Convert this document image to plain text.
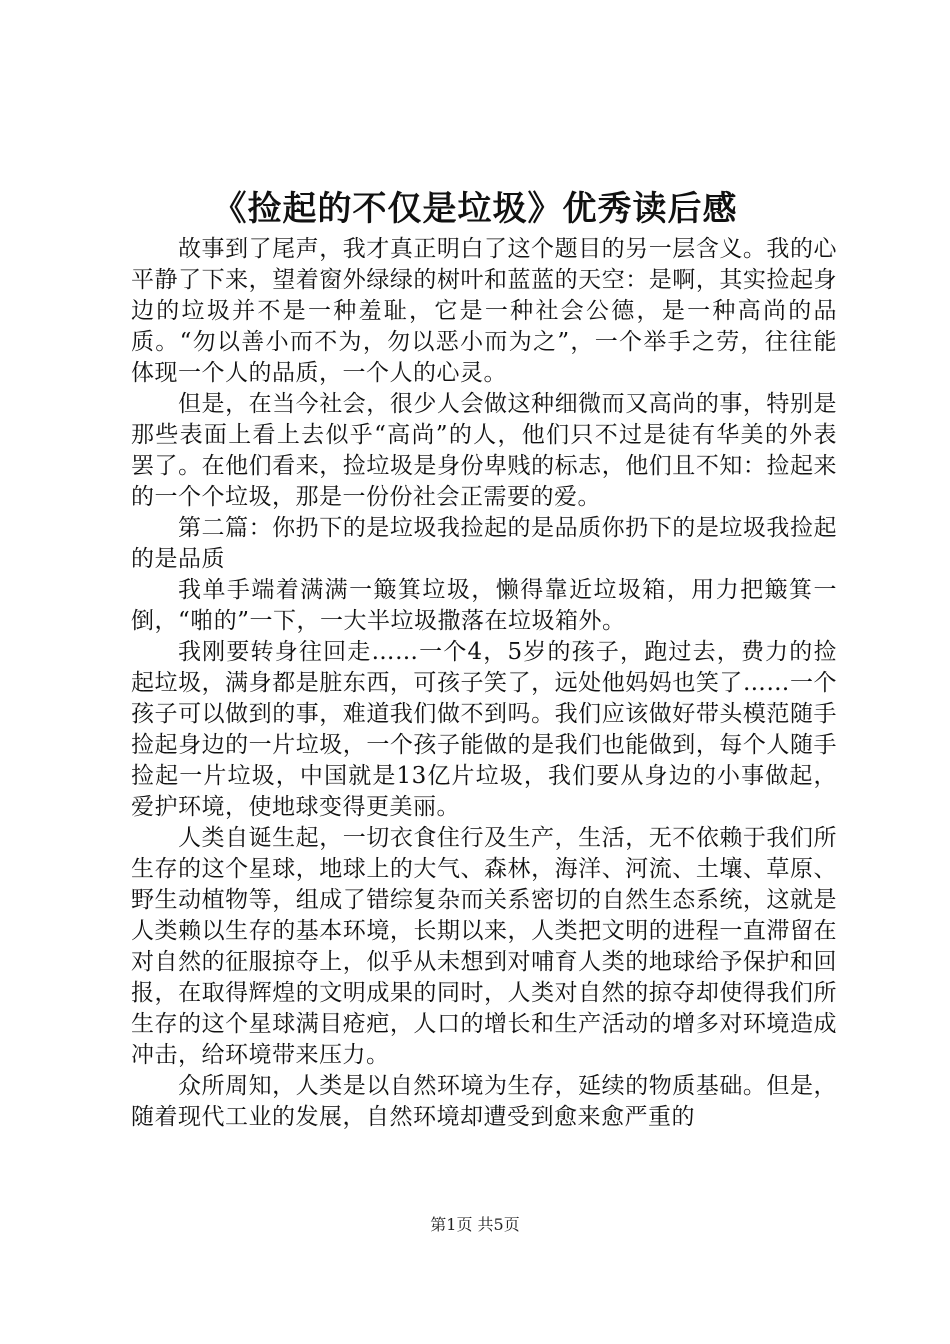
《捡起的不仅是垃圾》优秀读后感

故事到了尾声，我才真正明白了这个题目的另一层含义。我的心平静了下来，望着窗外绿绿的树叶和蓝蓝的天空：是啊，其实捡起身边的垃圾并不是一种羞耻，它是一种社会公德，是一种高尚的品质。“勿以善小而不为，勿以恶小而为之”，一个举手之劳，往往能体现一个人的品质，一个人的心灵。

但是，在当今社会，很少人会做这种细微而又高尚的事，特别是那些表面上看上去似乎“高尚”的人，他们只不过是徒有华美的外表罢了。在他们看来，捡垃圾是身份卑贱的标志，他们且不知：捡起来的一个个垃圾，那是一份份社会正需要的爱。

第二篇：你扔下的是垃圾我捡起的是品质你扔下的是垃圾我捡起的是品质

我单手端着满满一簸箕垃圾，懒得靠近垃圾箱，用力把簸箕一倒，“啪的”一下，一大半垃圾撒落在垃圾箱外。

我刚要转身往回走……一个4，5岁的孩子，跑过去，费力的捡起垃圾，满身都是脏东西，可孩子笑了，远处他妈妈也笑了……一个孩子可以做到的事，难道我们做不到吗。我们应该做好带头模范随手捡起身边的一片垃圾，一个孩子能做的是我们也能做到，每个人随手捡起一片垃圾，中国就是13亿片垃圾，我们要从身边的小事做起，爱护环境，使地球变得更美丽。

人类自诞生起，一切衣食住行及生产，生活，无不依赖于我们所生存的这个星球，地球上的大气、森林，海洋、河流、土壤、草原、野生动植物等，组成了错综复杂而关系密切的自然生态系统，这就是人类赖以生存的基本环境，长期以来，人类把文明的进程一直滞留在对自然的征服掠夺上，似乎从未想到对哺育人类的地球给予保护和回报，在取得辉煌的文明成果的同时，人类对自然的掠夺却使得我们所生存的这个星球满目疮疤，人口的增长和生产活动的增多对环境造成冲击，给环境带来压力。

众所周知，人类是以自然环境为生存，延续的物质基础。但是，随着现代工业的发展，自然环境却遭受到愈来愈严重的

第1页 共5页
